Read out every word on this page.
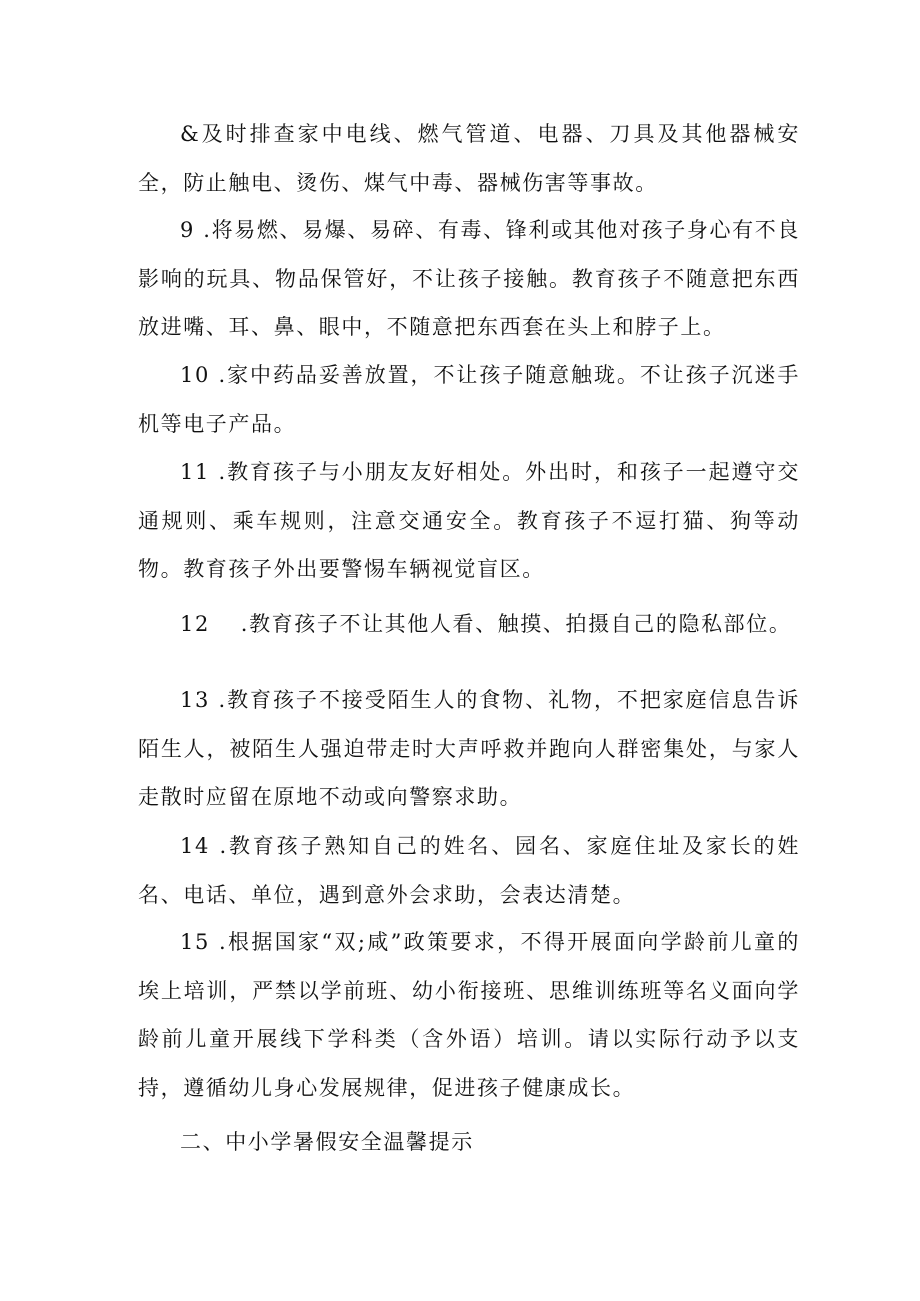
&及时排查家中电线、燃气管道、电器、刀具及其他器械安全，防止触电、烫伤、煤气中毒、器械伤害等事故。

9 .将易燃、易爆、易碎、有毒、锋利或其他对孩子身心有不良影响的玩具、物品保管好，不让孩子接触。教育孩子不随意把东西放进嘴、耳、鼻、眼中，不随意把东西套在头上和脖子上。

10 .家中药品妥善放置，不让孩子随意触珑。不让孩子沉迷手机等电子产品。

11 .教育孩子与小朋友友好相处。外出时，和孩子一起遵守交通规则、乘车规则，注意交通安全。教育孩子不逗打猫、狗等动物。教育孩子外出要警惕车辆视觉盲区。

12　 .教育孩子不让其他人看、触摸、拍摄自己的隐私部位。

13 .教育孩子不接受陌生人的食物、礼物，不把家庭信息告诉陌生人，被陌生人强迫带走时大声呼救并跑向人群密集处，与家人走散时应留在原地不动或向警察求助。

14 .教育孩子熟知自己的姓名、园名、家庭住址及家长的姓名、电话、单位，遇到意外会求助，会表达清楚。

15 .根据国家“双;咸”政策要求，不得开展面向学龄前儿童的埃上培训，严禁以学前班、幼小衔接班、思维训练班等名义面向学龄前儿童开展线下学科类（含外语）培训。请以实际行动予以支持，遵循幼儿身心发展规律，促进孩子健康成长。

二、中小学暑假安全温馨提示
